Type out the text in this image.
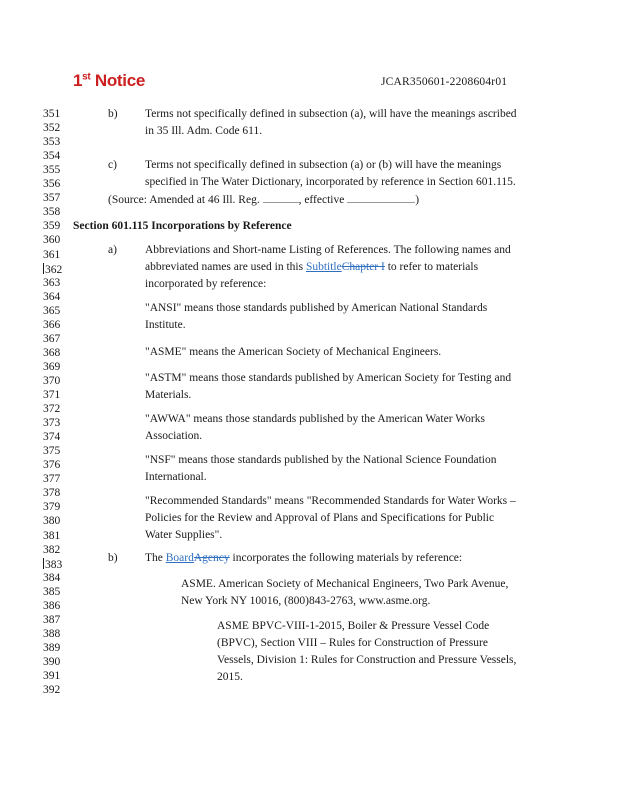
1st Notice	JCAR350601-2208604r01
351
352
353
354
355
356
357
358
359
360
361
362
363
364
365
366
367
368
369
370
371
372
373
374
375
376
377
378
379
380
381
382
383
384
385
386
387
388
389
390
391
392
b) Terms not specifically defined in subsection (a), will have the meanings ascribed
in 35 Ill. Adm. Code 611.
c) Terms not specifically defined in subsection (a) or (b) will have the meanings
specified in The Water Dictionary, incorporated by reference in Section 601.115.
(Source: Amended at 46 Ill. Reg.	, effective	)
Section 601.115 Incorporations by Reference
a) Abbreviations and Short-name Listing of References. The following names and
abbreviated names are used in this SubtitleChapter I to refer to materials
incorporated by reference:
"ANSI" means those standards published by American National Standards
Institute.
"ASME" means the American Society of Mechanical Engineers.
"ASTM" means those standards published by American Society for Testing and
Materials.
"AWWA" means those standards published by the American Water Works
Association.
"NSF" means those standards published by the National Science Foundation
International.
"Recommended Standards" means "Recommended Standards for Water Works –
Policies for the Review and Approval of Plans and Specifications for Public
Water Supplies".
b) The BoardAgency incorporates the following materials by reference:
ASME. American Society of Mechanical Engineers, Two Park Avenue,
New York NY 10016, (800)843-2763, www.asme.org.
ASME BPVC-VIII-1-2015, Boiler & Pressure Vessel Code
(BPVC), Section VIII – Rules for Construction of Pressure
Vessels, Division 1: Rules for Construction and Pressure Vessels,
2015.
